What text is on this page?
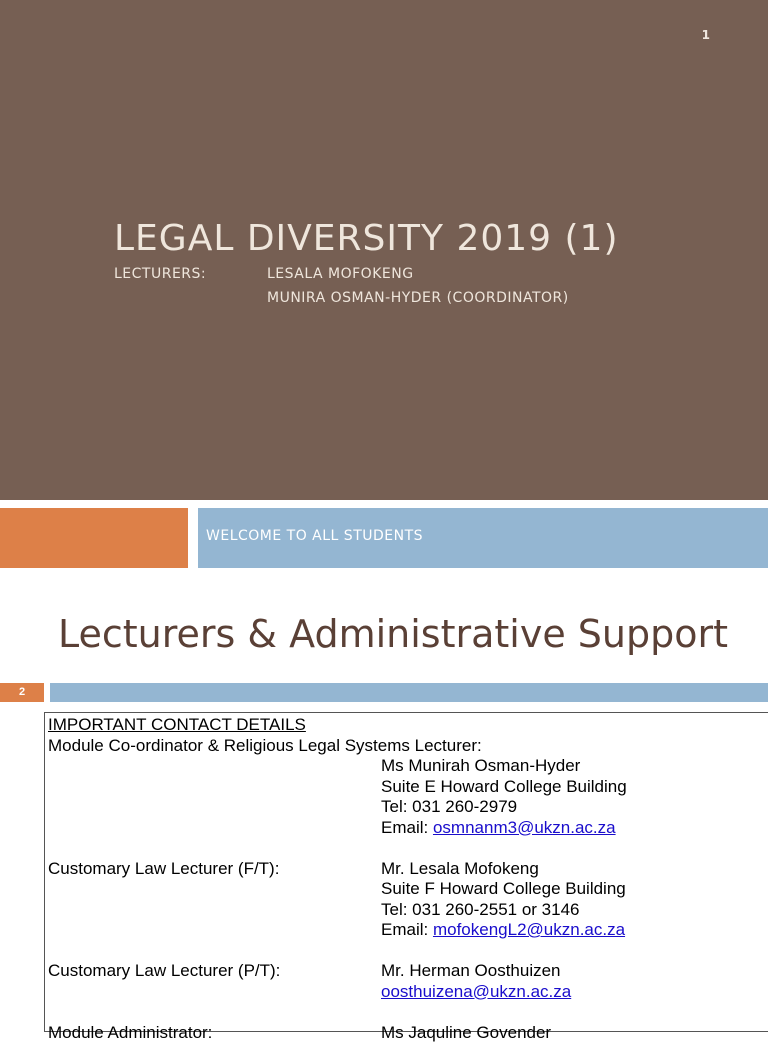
1
LEGAL DIVERSITY 2019 (1)
LECTURERS:	LESALA MOFOKENG
MUNIRA OSMAN-HYDER (COORDINATOR)
WELCOME TO ALL STUDENTS
Lecturers & Administrative Support
2
IMPORTANT CONTACT DETAILS
Module Co-ordinator & Religious Legal Systems Lecturer:
Ms Munirah Osman-Hyder
Suite E Howard College Building
Tel: 031 260-2979
Email: osmnanm3@ukzn.ac.za
Customary Law Lecturer (F/T):	Mr. Lesala Mofokeng
Suite F Howard College Building
Tel: 031 260-2551 or 3146
Email: mofokengL2@ukzn.ac.za
Customary Law Lecturer (P/T):	Mr. Herman Oosthuizen
oosthuizena@ukzn.ac.za
Module Administrator:	Ms Jaquline Govender
